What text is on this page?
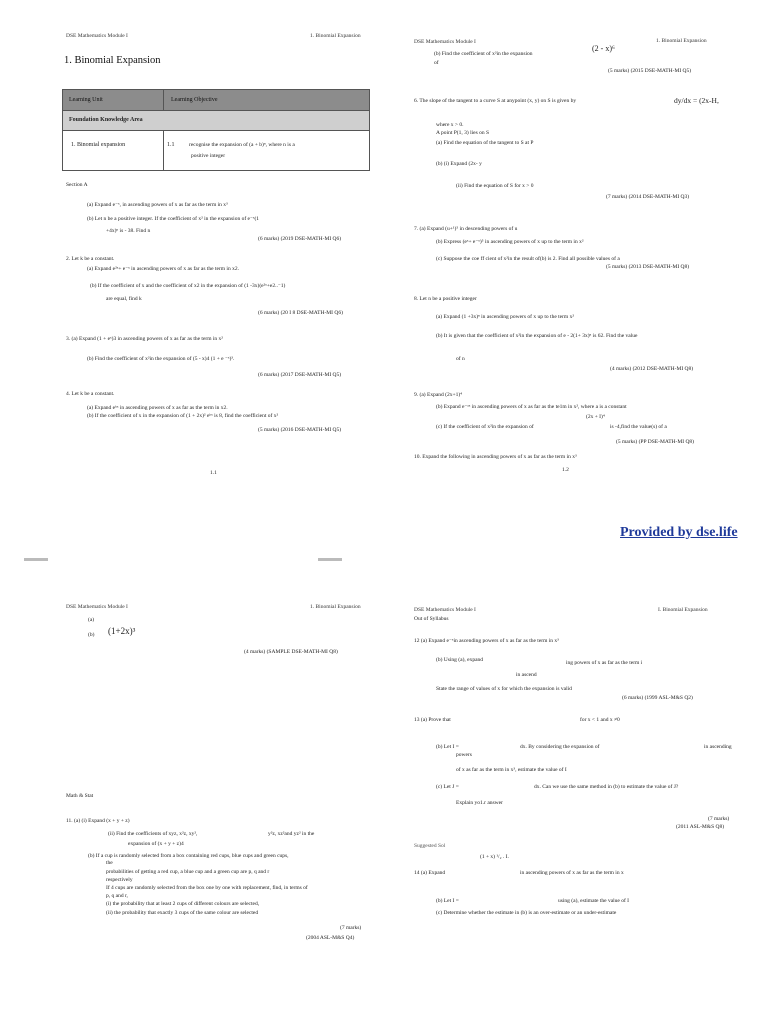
DSE Mathematics Module I	1. Binomial Expansion
1. Binomial Expansion
Learning Unit	Learning Objective
Foundation Knowledge Area
1. Binomial expansion	1.1	recognise the expansion of (a + b)ⁿ, where n is a
positive integer
Section A
(a) Expand e⁻ˣ, in ascending powers of x as far as the term in x³
(b) Let n be a positive integer. If the coefficient of x² in the expansion of e⁻ˣ(1
+4x)ⁿ is - 38. Find n
(6 marks) (2019 DSE-MATH-MI Q6)
2. Let k be a constant.
(a) Expand e²ˣ+ e⁻ˣ in ascending powers of x as far as the term in x2.
(b) If the coefficient of x and the coefficient of x2 in the expansion of (1 -3x)(e²ˣ+e2..⁻1)
are equal, find k
(6 marks) (20 I 8 DSE-MATH-MI Q6)
3. (a) Expand (1 + eˣ)3 in ascending powers of x as far as the term in x²
(b) Find the coefficient of x²in the expansion of (5 - x)4 (1 + e ⁻ˣ)³.
(6 marks) (2017 DSE-MATH-MI Q5)
4. Let k be a constant.
(a) Expand eᵏˣ in ascending powers of x as far as the term in x2.
(b) If the coefficient of x in the expansion of (1 + 2x)² eᵏˣ is 8, find the coefficient of x²
(5 marks) (2016 DSE-MATH-MI Q5)
1.1
DSE Mathematics Module I	1. Binomial Expansion
(b) Find the coefficient of x²in the expansion
of
(2 - x)⁶
(5 marks) (2015 DSE-MATH-MI Q5)
6. The slope of the tangent to a curve S at anypoint (x, y) on S is given by	dy/dx = (2x-H,
where x > 0.
A point P(1, 3) lies on S
(a) Find the equation of the tangent to S at P
(b) (i) Expand (2x- y
(ii) Find the equation of S for x > 0
(7 marks) (2014 DSE-MATH-MI Q3)
7. (a) Expand (u+¹)⁵ in descending powers of u
(b) Express (eˣ+ e⁻ˣ)⁵ in ascending powers of x up to the term in x²
(c) Suppose the coe ff cient of x²in the result of(b) is 2. Find all possible values of a
(5 marks) (2013 DSE-MATH-MI Q8)
8. Let n be a positive integer
(a) Expand (1 +3x)ⁿ in ascending powers of x up to the term x²
(b) It is given that the coefficient of x²in the expansion of e - 2(1+ 3x)ⁿ is 62. Find the value
of n
(4 marks) (2012 DSE-MATH-MI Q8)
9. (a) Expand (2x+1)⁴
(b) Expand e⁻ᵃˣ in ascending powers of x as far as the te1m in x², where a is a constant
(c) If the coefficient of x²in the expansion of
(2x + I)⁴
is -4,find the value(s) of a
(5 marks) (PP DSE-MATH-MI Q8)
10. Expand the following in ascending powers of x as far as the term in x³
1.2
Provided by dse.life
DSE Mathematics Module I	1. Binomial Expansion
(a)
(b) (1+2x)³
(4 marks) (SAMPLE DSE-MATH-MI Q8)
Math & Stat
11. (a) (i) Expand (x + y + z)
(ii) Find the coefficients of xyz, x²z, xy²,	y²z, xz²and yz² in the
expansion of (x + y + z)4
(b) If a cup is randomly selected from a box containing red cups, blue cups and green cups,
the
probabilities of getting a red cup, a blue cup and a green cup are p, q and r
respectively
If 4 cups are randomly selected from the box one by one with replacement, find, in terms of
p, q and r,
(i) the probability that at least 2 cups of different colours are selected,
(ii) the probability that exactly 3 cups of the same colour are selected
(7 marks)
(2004 ASL-M&S Q4)
DSE Mathematics Module I	I. Binomial Expansion
Out of Syllabus
12 (a) Expand e⁻ˣin ascending powers of x as far as the term in x³
(b) Using (a), expand	ing powers of x as far as the term i
in ascend
State the range of values of x for which the expansion is valid
(6 marks) (1999 ASL-M&S Q2)
13 (a) Prove that	for x < 1 and x ≠0
(b) Let I =	dx. By considering the expansion of	in ascending
powers
of x as far as the term in x³, estimate the value of I
(c) Let J =	dx. Can we use the same method in (b) to estimate the value of J?
Explain yo1.r answer
(7 marks)
(2011 ASL-M&S Q8)
Suggested Sol
(1 + x) ¹/₂ . I.
14 (a) Expand	in ascending powers of x as far as the term in x
(b) Let I =	using (a), estimate the value of I
(c) Determine whether the estimate in (b) is an over-estimate or an under-estimate
